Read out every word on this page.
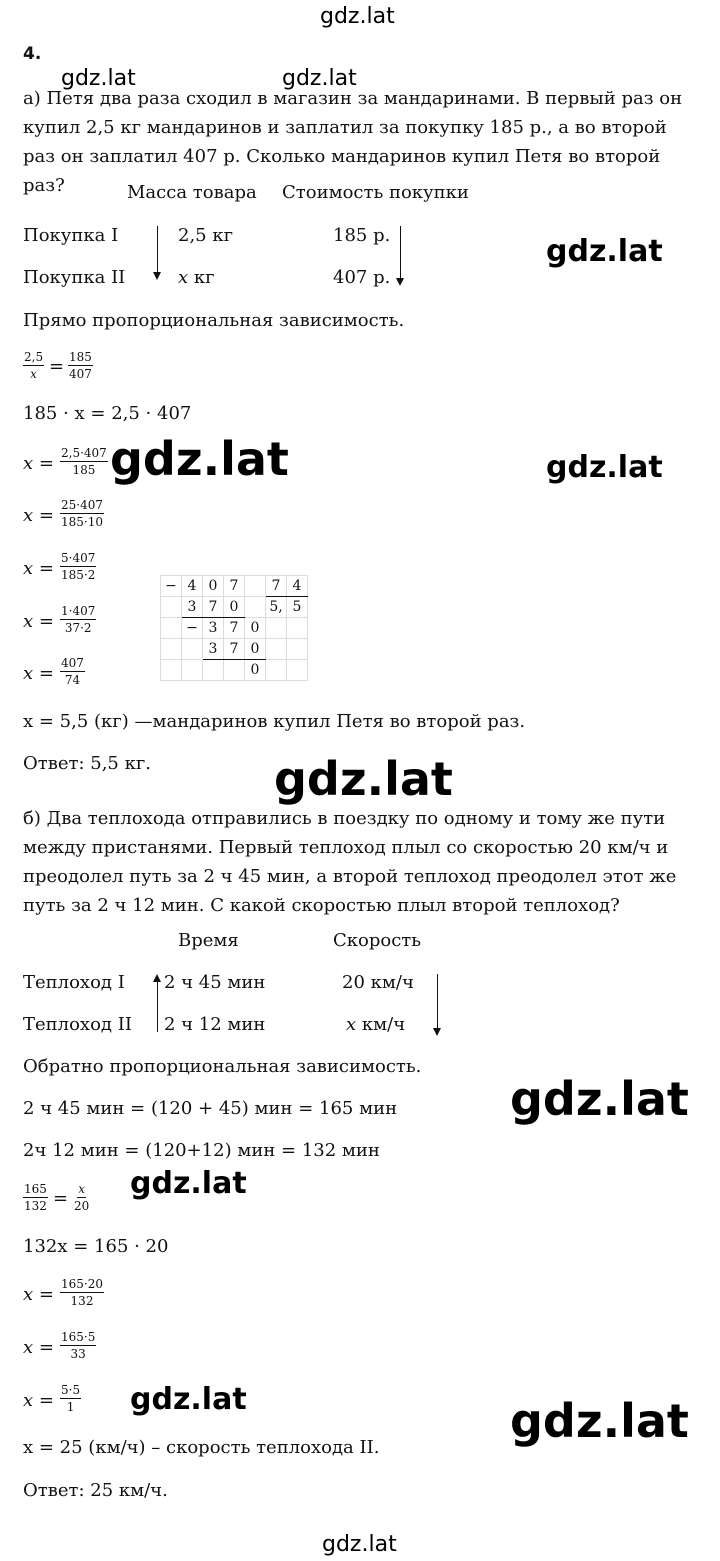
gdz.lat
gdz.lat	gdz.lat
gdz.lat
gdz.lat	gdz.lat
gdz.lat
gdz.lat
gdz.lat
gdz.lat	gdz.lat
gdz.lat
4.
а) Петя два раза сходил в магазин за мандаринами. В первый раз он купил 2,5 кг мандаринов и заплатил за покупку 185 р., а во второй раз он заплатил 407 р. Сколько мандаринов купил Петя во второй раз?	Масса товара Стоимость покупки
Покупка I	2,5 кг	185 р.
Покупка II	x кг	407 р.
Прямо пропорциональная зависимость.
$\frac{2,5}{x} = \frac{185}{407}$
185 · x = 2,5 · 407
$x = \frac{2,5\cdot 407}{185}$
$x = \frac{25\cdot 407}{185\cdot 10}$
$x = \frac{5\cdot 407}{185\cdot 2}$
$x = \frac{1\cdot 407}{37\cdot 2}$
$x = \frac{407}{74}$
−	4	0	7		7	4
	3	7	0		5,	5
	−	3	7	0		
		3	7	0		
				0		
x = 5,5 (кг) —мандаринов купил Петя во второй раз.
Ответ: 5,5 кг.
б) Два теплохода отправились в поездку по одному и тому же пути между пристанями. Первый теплоход плыл со скоростью 20 км/ч и преодолел путь за 2 ч 45 мин, а второй теплоход преодолел этот же путь за 2 ч 12 мин. С какой скоростью плыл второй теплоход?
Время	Скорость
Теплоход I 2 ч 45 мин	20 км/ч
Теплоход II 2 ч 12 мин	x км/ч
Обратно пропорциональная зависимость.
2 ч 45 мин = (120 + 45) мин = 165 мин
2ч 12 мин = (120+12) мин = 132 мин
$\frac{165}{132} = \frac{x}{20}$
132x = 165 · 20
$x = \frac{165\cdot 20}{132}$
$x = \frac{165\cdot 5}{33}$
$x = \frac{5\cdot 5}{1}$
x = 25 (км/ч) – скорость теплохода II.
Ответ: 25 км/ч.
